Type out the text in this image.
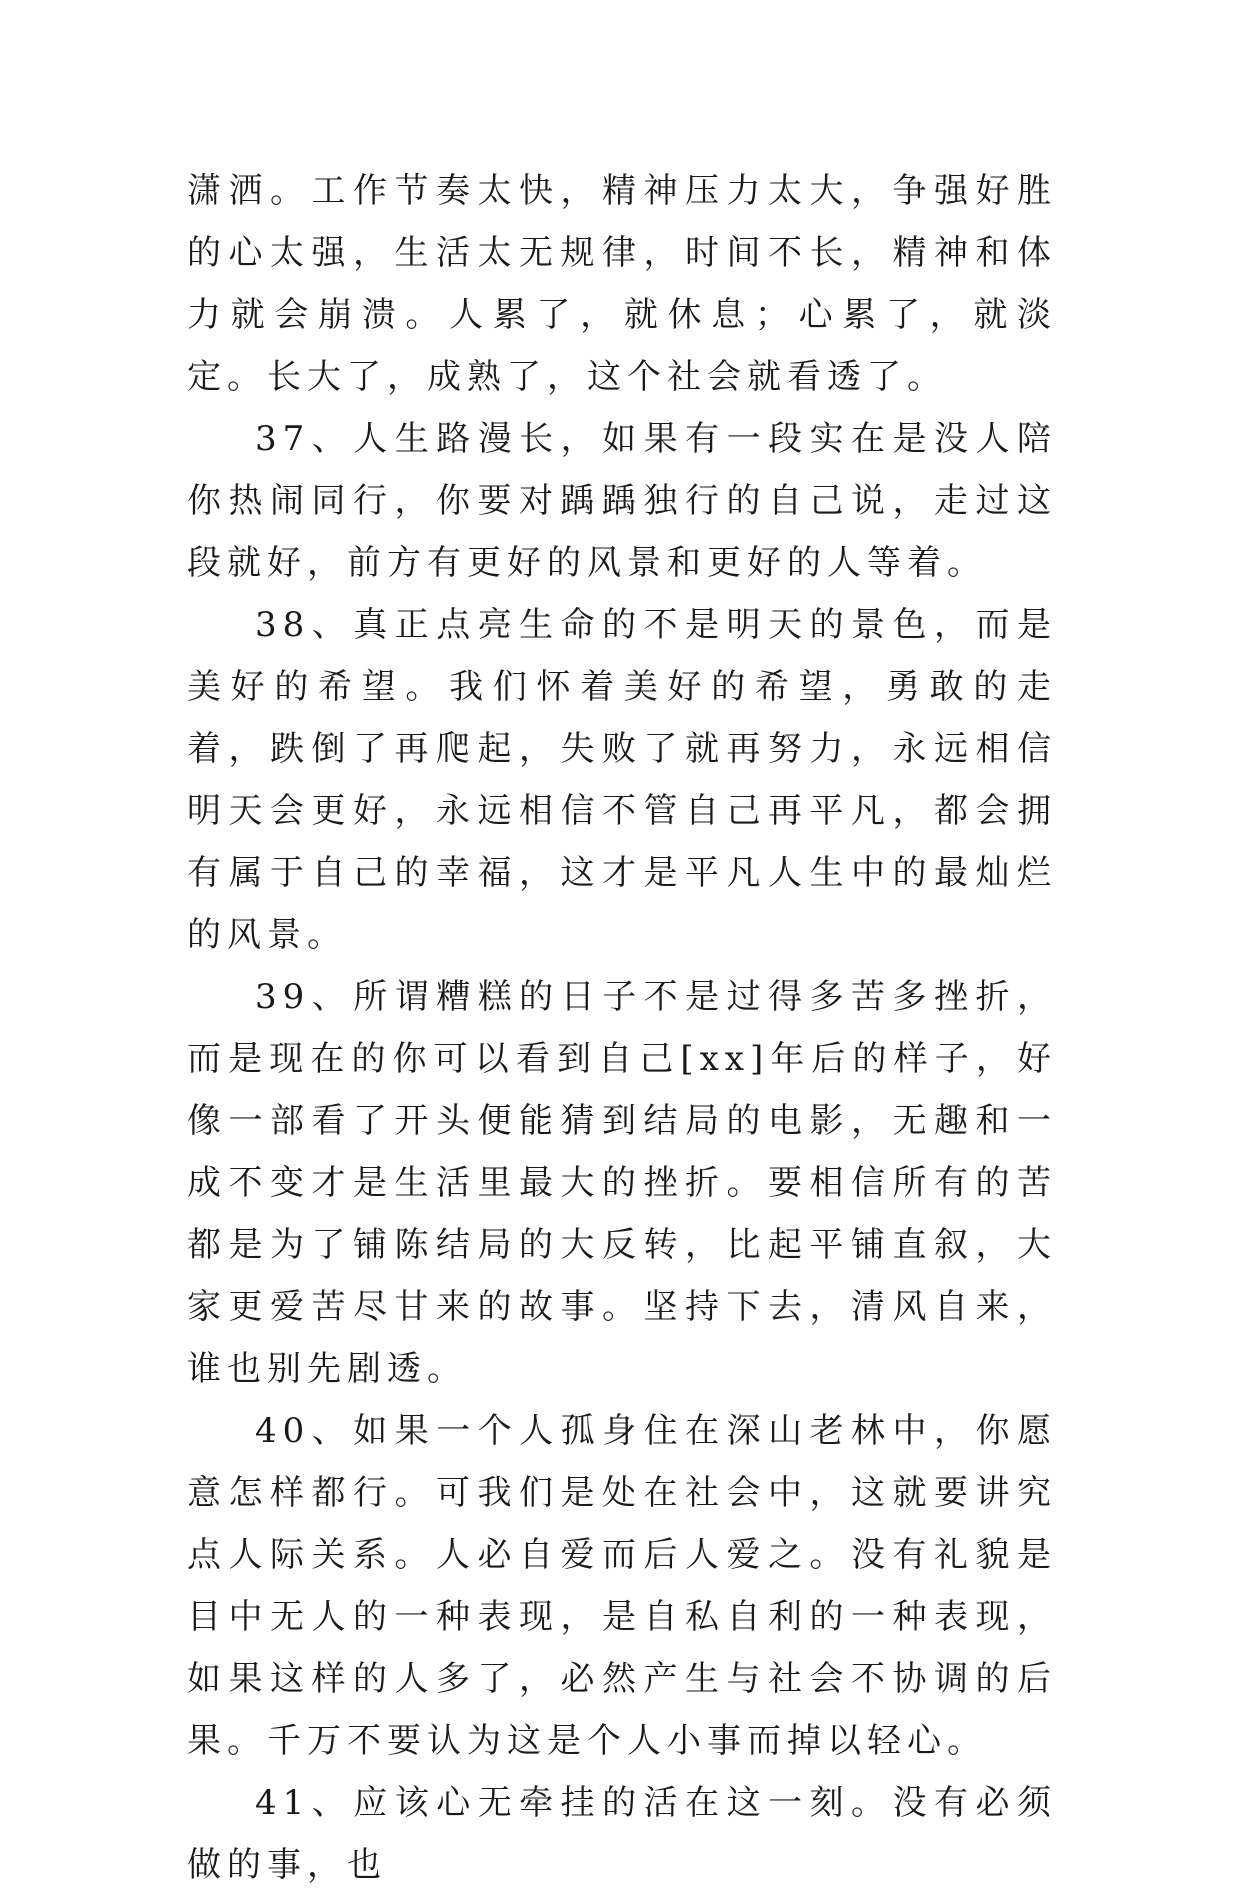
潇洒。工作节奏太快，精神压力太大，争强好胜的心太强，生活太无规律，时间不长，精神和体力就会崩溃。人累了，就休息；心累了，就淡定。长大了，成熟了，这个社会就看透了。

37、人生路漫长，如果有一段实在是没人陪你热闹同行，你要对踽踽独行的自己说，走过这段就好，前方有更好的风景和更好的人等着。

38、真正点亮生命的不是明天的景色，而是美好的希望。我们怀着美好的希望，勇敢的走着，跌倒了再爬起，失败了就再努力，永远相信明天会更好，永远相信不管自己再平凡，都会拥有属于自己的幸福，这才是平凡人生中的最灿烂的风景。

39、所谓糟糕的日子不是过得多苦多挫折，而是现在的你可以看到自己[xx]年后的样子，好像一部看了开头便能猜到结局的电影，无趣和一成不变才是生活里最大的挫折。要相信所有的苦都是为了铺陈结局的大反转，比起平铺直叙，大家更爱苦尽甘来的故事。坚持下去，清风自来，谁也别先剧透。

40、如果一个人孤身住在深山老林中，你愿意怎样都行。可我们是处在社会中，这就要讲究点人际关系。人必自爱而后人爱之。没有礼貌是目中无人的一种表现，是自私自利的一种表现，如果这样的人多了，必然产生与社会不协调的后果。千万不要认为这是个人小事而掉以轻心。

41、应该心无牵挂的活在这一刻。没有必须做的事，也
